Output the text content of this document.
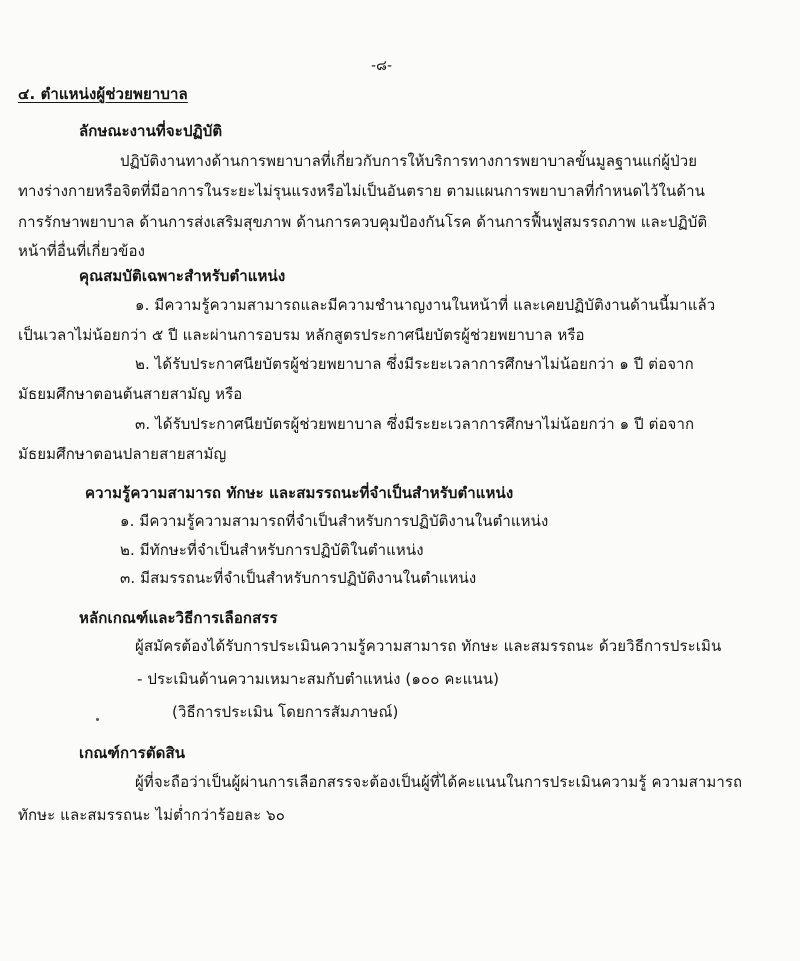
-๘-
๔. ตำแหน่งผู้ช่วยพยาบาล
ลักษณะงานที่จะปฏิบัติ
ปฏิบัติงานทางด้านการพยาบาลที่เกี่ยวกับการให้บริการทางการพยาบาลขั้นมูลฐานแก่ผู้ป่วย
ทางร่างกายหรือจิตที่มีอาการในระยะไม่รุนแรงหรือไม่เป็นอันตราย ตามแผนการพยาบาลที่กำหนดไว้ในด้าน
การรักษาพยาบาล ด้านการส่งเสริมสุขภาพ ด้านการควบคุมป้องกันโรค ด้านการฟื้นฟูสมรรถภาพ และปฏิบัติ
หน้าที่อื่นที่เกี่ยวข้อง
คุณสมบัติเฉพาะสำหรับตำแหน่ง
๑. มีความรู้ความสามารถและมีความชำนาญงานในหน้าที่ และเคยปฏิบัติงานด้านนี้มาแล้ว
เป็นเวลาไม่น้อยกว่า ๕ ปี และผ่านการอบรม หลักสูตรประกาศนียบัตรผู้ช่วยพยาบาล หรือ
๒. ได้รับประกาศนียบัตรผู้ช่วยพยาบาล ซึ่งมีระยะเวลาการศึกษาไม่น้อยกว่า ๑ ปี ต่อจาก
มัธยมศึกษาตอนต้นสายสามัญ หรือ
๓. ได้รับประกาศนียบัตรผู้ช่วยพยาบาล ซึ่งมีระยะเวลาการศึกษาไม่น้อยกว่า ๑ ปี ต่อจาก
มัธยมศึกษาตอนปลายสายสามัญ
ความรู้ความสามารถ ทักษะ และสมรรถนะที่จำเป็นสำหรับตำแหน่ง
๑. มีความรู้ความสามารถที่จำเป็นสำหรับการปฏิบัติงานในตำแหน่ง
๒. มีทักษะที่จำเป็นสำหรับการปฏิบัติในตำแหน่ง
๓. มีสมรรถนะที่จำเป็นสำหรับการปฏิบัติงานในตำแหน่ง
หลักเกณฑ์และวิธีการเลือกสรร
ผู้สมัครต้องได้รับการประเมินความรู้ความสามารถ ทักษะ และสมรรถนะ ด้วยวิธีการประเมิน
- ประเมินด้านความเหมาะสมกับตำแหน่ง (๑๐๐ คะแนน)
(วิธีการประเมิน โดยการสัมภาษณ์)
เกณฑ์การตัดสิน
ผู้ที่จะถือว่าเป็นผู้ผ่านการเลือกสรรจะต้องเป็นผู้ที่ได้คะแนนในการประเมินความรู้ ความสามารถ
ทักษะ และสมรรถนะ ไม่ต่ำกว่าร้อยละ ๖๐
